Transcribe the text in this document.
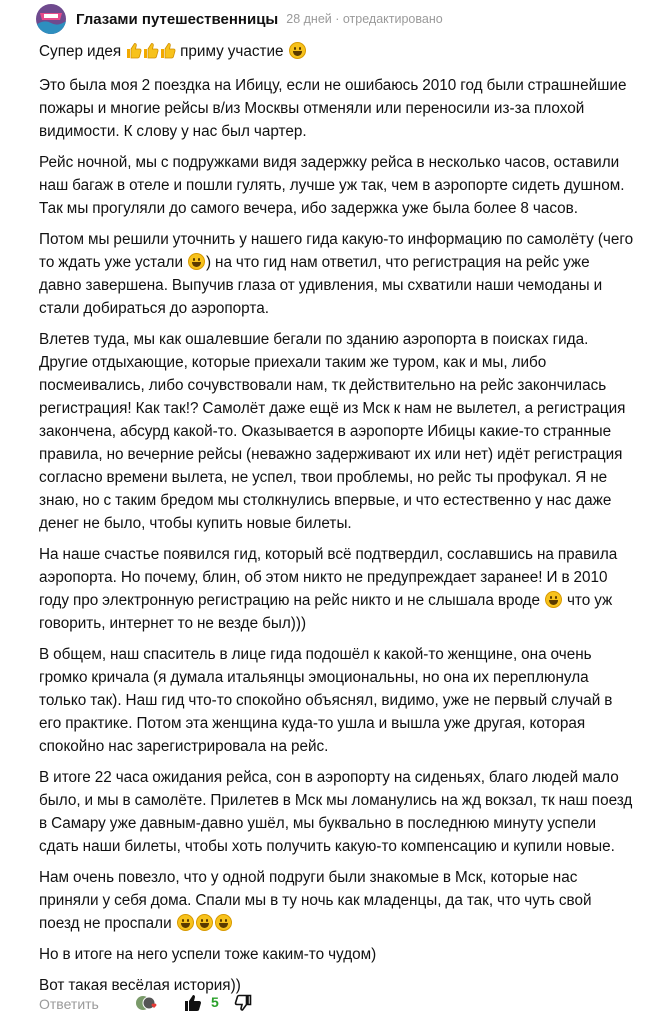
Глазами путешественницы 28 дней · отредактировано

Супер идея	приму участие

Это была моя 2 поездка на Ибицу, если не ошибаюсь 2010 год были страшнейшие пожары и многие рейсы в/из Москвы отменяли или переносили из-за плохой видимости. К слову у нас был чартер.

Рейс ночной, мы с подружками видя задержку рейса в несколько часов, оставили наш багаж в отеле и пошли гулять, лучше уж так, чем в аэропорте сидеть душном. Так мы прогуляли до самого вечера, ибо задержка уже была более 8 часов.

Потом мы решили уточнить у нашего гида какую-то информацию по самолёту (чего то ждать уже устали
) на что гид нам ответил, что регистрация на рейс уже давно завершена. Выпучив глаза от удивления, мы схватили наши чемоданы и стали добираться до аэропорта.

Влетев туда, мы как ошалевшие бегали по зданию аэропорта в поисках гида. Другие отдыхающие, которые приехали таким же туром, как и мы, либо посмеивались, либо сочувствовали нам, тк действительно на рейс закончилась регистрация! Как так!? Самолёт даже ещё из Мск к нам не вылетел, а регистрация закончена, абсурд какой-то. Оказывается в аэропорте Ибицы какие-то странные правила, но вечерние рейсы (неважно задерживают их или нет) идёт регистрация согласно времени вылета, не успел, твои проблемы, но рейс ты профукал. Я не знаю, но с таким бредом мы столкнулись впервые, и что естественно у нас даже денег не было, чтобы купить новые билеты.

На наше счастье появился гид, который всё подтвердил, сославшись на правила аэропорта. Но почему, блин, об этом никто не предупреждает заранее! И в 2010 году про электронную регистрацию на рейс никто и не слышала вроде
что уж говорить, интернет то не везде был)))

В общем, наш спаситель в лице гида подошёл к какой-то женщине, она очень громко кричала (я думала итальянцы эмоциональны, но она их переплюнула только так). Наш гид что-то спокойно объяснял, видимо, уже не первый случай в его практике. Потом эта женщина куда-то ушла и вышла уже другая, которая спокойно нас зарегистрировала на рейс.

В итоге 22 часа ожидания рейса, сон в аэропорту на сиденьях, благо людей мало было, и мы в самолёте. Прилетев в Мск мы ломанулись на жд вокзал, тк наш поезд в Самару уже давным-давно ушёл, мы буквально в последнюю минуту успели сдать наши билеты, чтобы хоть получить какую-то компенсацию и купили новые.

Нам очень повезло, что у одной подруги были знакомые в Мск, которые нас приняли у себя дома. Спали мы в ту ночь как младенцы, да так, что чуть свой поезд не проспали

Но в итоге на него успели тоже каким-то чудом)

Вот такая весёлая история))

Ответить	5
